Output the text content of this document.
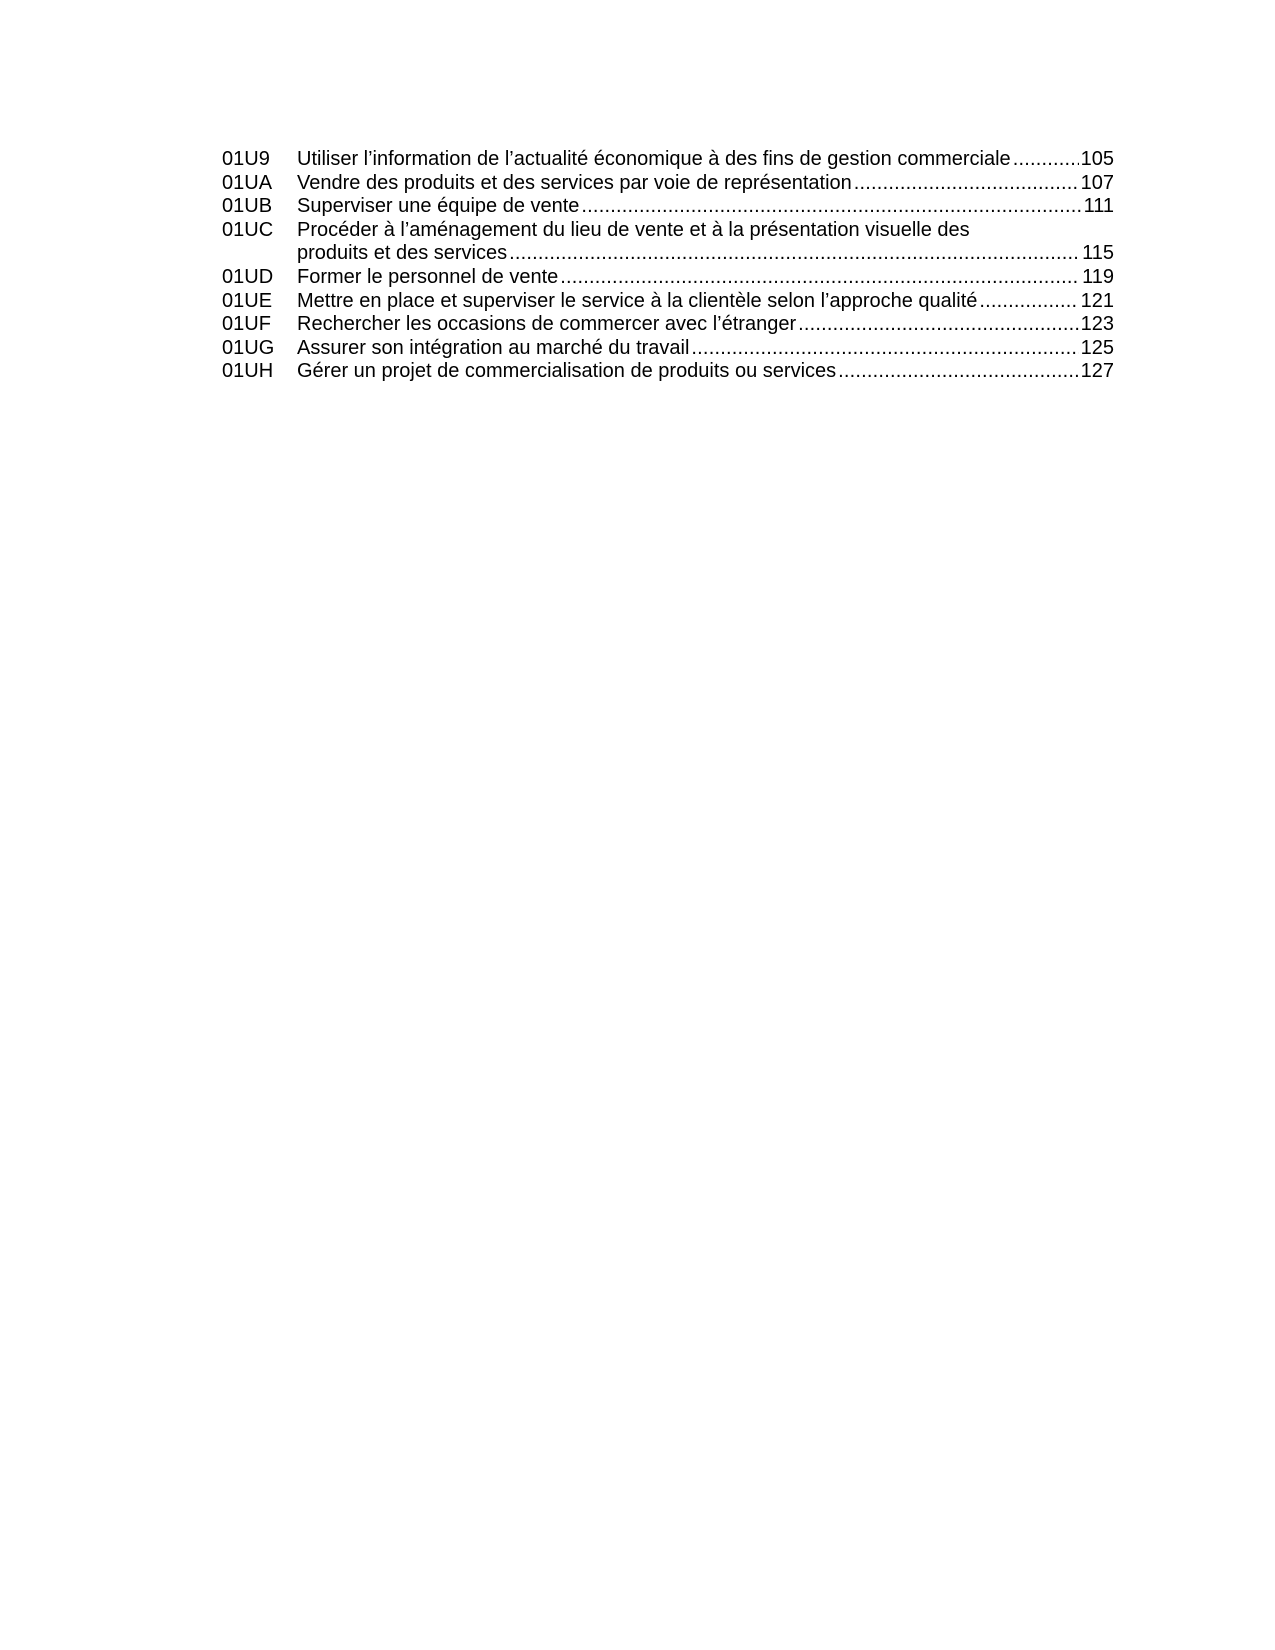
01U9	Utiliser l’information de l’actualité économique à des fins de gestion commerciale .....	105
01UA	Vendre des produits et des services par voie de représentation .....	107
01UB	Superviser une équipe de vente .....	111
01UC	Procéder à l’aménagement du lieu de vente et à la présentation visuelle des
produits et des services .....	115
01UD	Former le personnel de vente .....	119
01UE	Mettre en place et superviser le service à la clientèle selon l’approche qualité .....	121
01UF	Rechercher les occasions de commercer avec l’étranger .....	123
01UG	Assurer son intégration au marché du travail .....	125
01UH	Gérer un projet de commercialisation de produits ou services .....	127
